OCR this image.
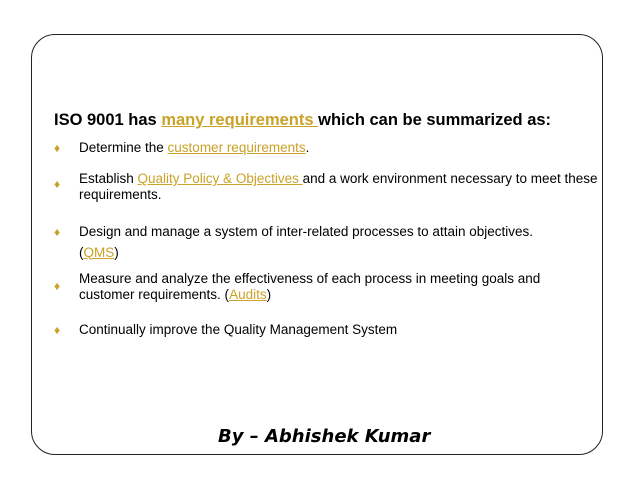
ISO 9001 has many requirements which can be summarized as:
♦ Determine the customer requirements.
♦ Establish Quality Policy & Objectives and a work environment necessary to meet these requirements.
♦ Design and manage a system of inter-related processes to attain objectives.
(QMS)
♦ Measure and analyze the effectiveness of each process in meeting goals and customer requirements. (Audits)
♦ Continually improve the Quality Management System
By – Abhishek Kumar
